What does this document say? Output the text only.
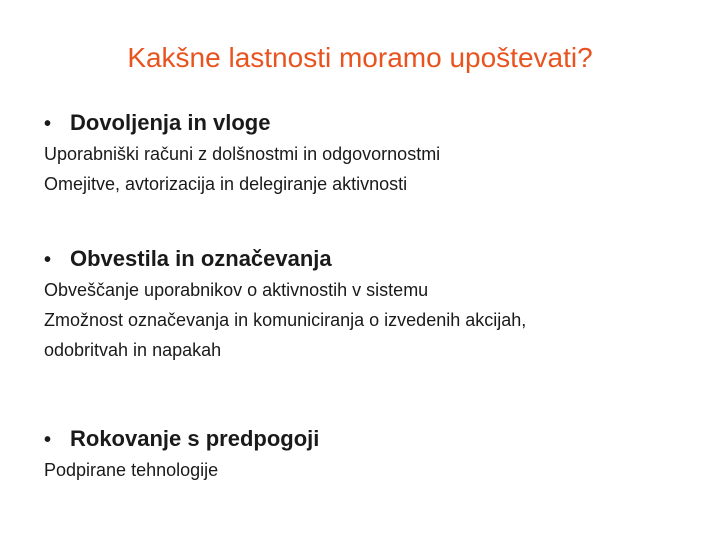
Kakšne lastnosti moramo upoštevati?
• Dovoljenja in vloge

Uporabniški računi z dolšnostmi in odgovornostmi

Omejitve, avtorizacija in delegiranje aktivnosti

• Obvestila in označevanja

Obveščanje uporabnikov o aktivnostih v sistemu

Zmožnost označevanja in komuniciranja o izvedenih akcijah,

odobritvah in napakah

• Rokovanje s predpogoji

Podpirane tehnologije
